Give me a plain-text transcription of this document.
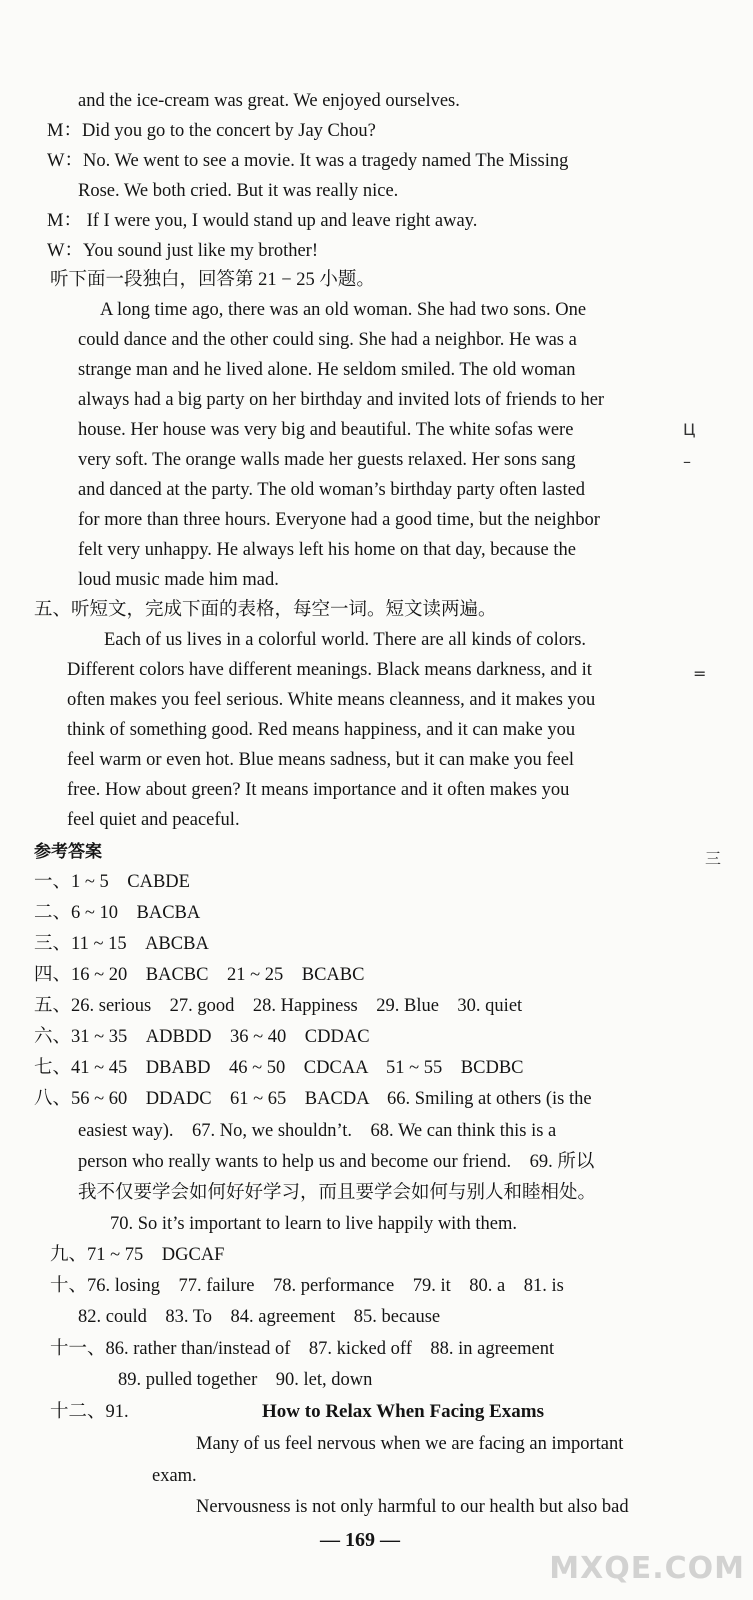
and the ice-cream was great. We enjoyed ourselves.
M：Did you go to the concert by Jay Chou?
W：No. We went to see a movie. It was a tragedy named The Missing
Rose. We both cried. But it was really nice.
M： If I were you, I would stand up and leave right away.
W：You sound just like my brother!
听下面一段独白，回答第 21 − 25 小题。
A long time ago, there was an old woman. She had two sons. One
could dance and the other could sing. She had a neighbor. He was a
strange man and he lived alone. He seldom smiled. The old woman
always had a big party on her birthday and invited lots of friends to her
house. Her house was very big and beautiful. The white sofas were
very soft. The orange walls made her guests relaxed. Her sons sang
and danced at the party. The old woman’s birthday party often lasted
for more than three hours. Everyone had a good time, but the neighbor
felt very unhappy. He always left his home on that day, because the
loud music made him mad.
五、听短文，完成下面的表格，每空一词。短文读两遍。
Each of us lives in a colorful world. There are all kinds of colors.
Different colors have different meanings. Black means darkness, and it
often makes you feel serious. White means cleanness, and it makes you
think of something good. Red means happiness, and it can make you
feel warm or even hot. Blue means sadness, but it can make you feel
free. How about green? It means importance and it often makes you
feel quiet and peaceful.
参考答案
一、1 ~ 5　CABDE
二、6 ~ 10　BACBA
三、11 ~ 15　ABCBA
四、16 ~ 20　BACBC　21 ~ 25　BCABC
五、26. serious　27. good　28. Happiness　29. Blue　30. quiet
六、31 ~ 35　ADBDD　36 ~ 40　CDDAC
七、41 ~ 45　DBABD　46 ~ 50　CDCAA　51 ~ 55　BCDBC
八、56 ~ 60　DDADC　61 ~ 65　BACDA　66. Smiling at others (is the
easiest way).　67. No, we shouldn’t.　68. We can think this is a
person who really wants to help us and become our friend.　69. 所以
我不仅要学会如何好好学习，而且要学会如何与别人和睦相处。
70. So it’s important to learn to live happily with them.
九、71 ~ 75　DGCAF
十、76. losing　77. failure　78. performance　79. it　80. a　81. is
82. could　83. To　84. agreement　85. because
十一、86. rather than/instead of　87. kicked off　88. in agreement
89. pulled together　90. let, down
十二、91.	How to Relax When Facing Exams
Many of us feel nervous when we are facing an important
exam.
Nervousness is not only harmful to our health but also bad
— 169 —
Ц
–
=
三
MXQE.COM
